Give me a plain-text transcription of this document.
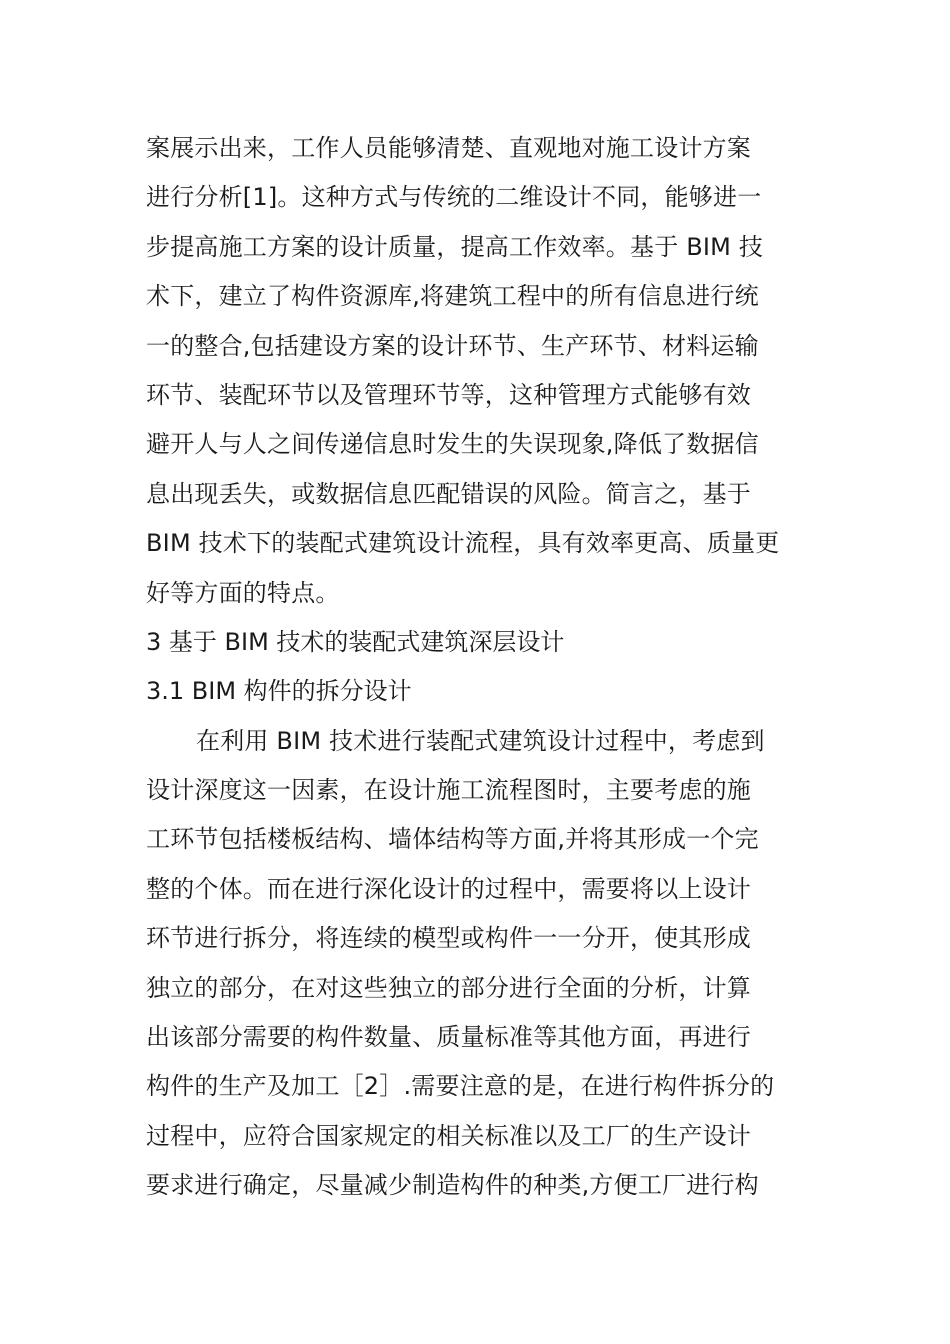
案展示出来，工作人员能够清楚、直观地对施工设计方案
进行分析[1]。这种方式与传统的二维设计不同，能够进一
步提高施工方案的设计质量，提高工作效率。基于 BIM 技
术下，建立了构件资源库,将建筑工程中的所有信息进行统
一的整合,包括建设方案的设计环节、生产环节、材料运输
环节、装配环节以及管理环节等，这种管理方式能够有效
避开人与人之间传递信息时发生的失误现象,降低了数据信
息出现丢失，或数据信息匹配错误的风险。简言之，基于
BIM 技术下的装配式建筑设计流程，具有效率更高、质量更
好等方面的特点。
3 基于 BIM 技术的装配式建筑深层设计
3.1 BIM 构件的拆分设计
在利用 BIM 技术进行装配式建筑设计过程中，考虑到
设计深度这一因素，在设计施工流程图时，主要考虑的施
工环节包括楼板结构、墙体结构等方面,并将其形成一个完
整的个体。而在进行深化设计的过程中，需要将以上设计
环节进行拆分，将连续的模型或构件一一分开，使其形成
独立的部分，在对这些独立的部分进行全面的分析，计算
出该部分需要的构件数量、质量标准等其他方面，再进行
构件的生产及加工［2］.需要注意的是，在进行构件拆分的
过程中，应符合国家规定的相关标准以及工厂的生产设计
要求进行确定，尽量减少制造构件的种类,方便工厂进行构
